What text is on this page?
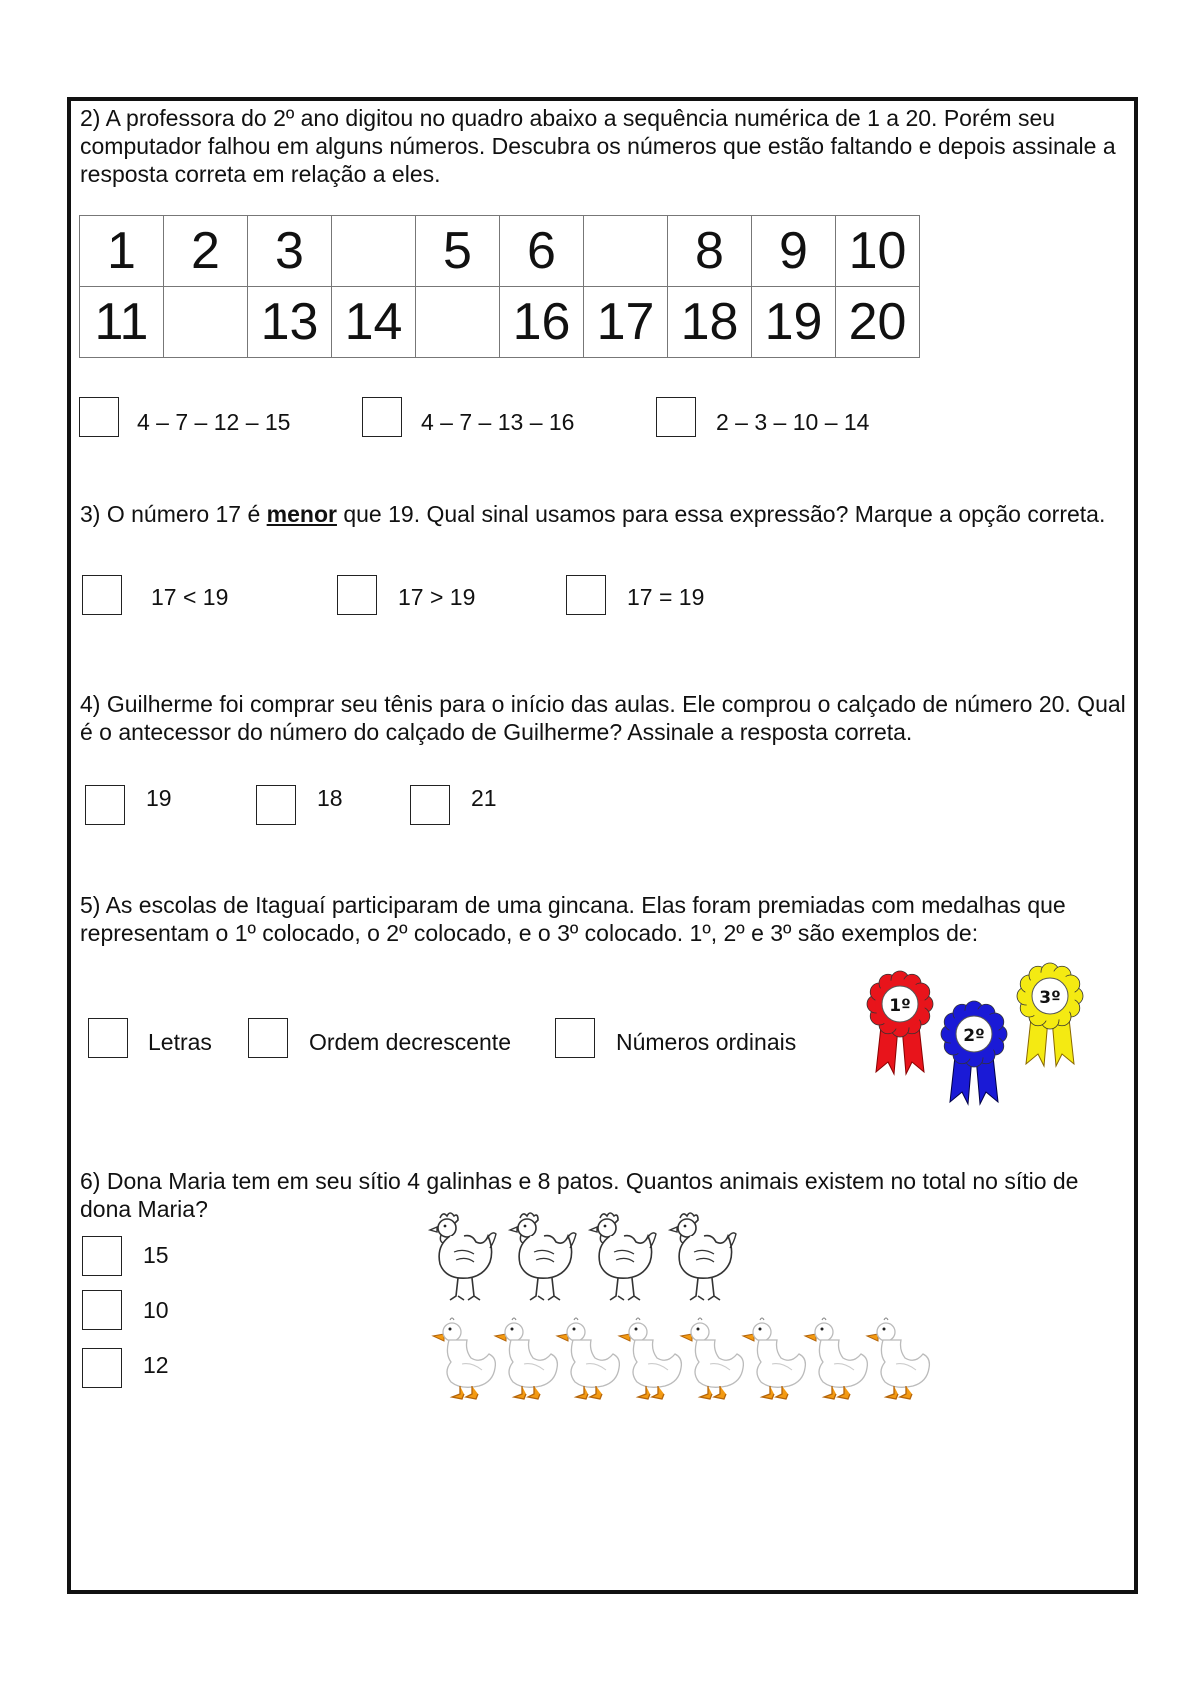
2) A professora do 2º ano digitou no quadro abaixo a sequência numérica de 1 a 20. Porém seu computador falhou em alguns números. Descubra os números que estão faltando e depois assinale a resposta correta em relação a eles.
1	2	3		5	6		8	9	10
11		13	14		16	17	18	19	20
4 – 7 – 12 – 15	4 – 7 – 13 – 16	2 – 3 – 10 – 14
3) O número 17 é menor que 19. Qual sinal usamos para essa expressão? Marque a opção correta.
17 < 19	17 > 19	17 = 19
4) Guilherme foi comprar seu tênis para o início das aulas. Ele comprou o calçado de número 20. Qual é o antecessor do número do calçado de Guilherme? Assinale a resposta correta.
19	18	21
5) As escolas de Itaguaí participaram de uma gincana. Elas foram premiadas com medalhas que representam o 1º colocado, o 2º colocado, e o 3º colocado. 1º, 2º e 3º são exemplos de:
Letras	Ordem decrescente	Números ordinais
1º
2º
3º
6) Dona Maria tem em seu sítio 4 galinhas e 8 patos. Quantos animais existem no total no sítio de dona Maria?
15
10
12
